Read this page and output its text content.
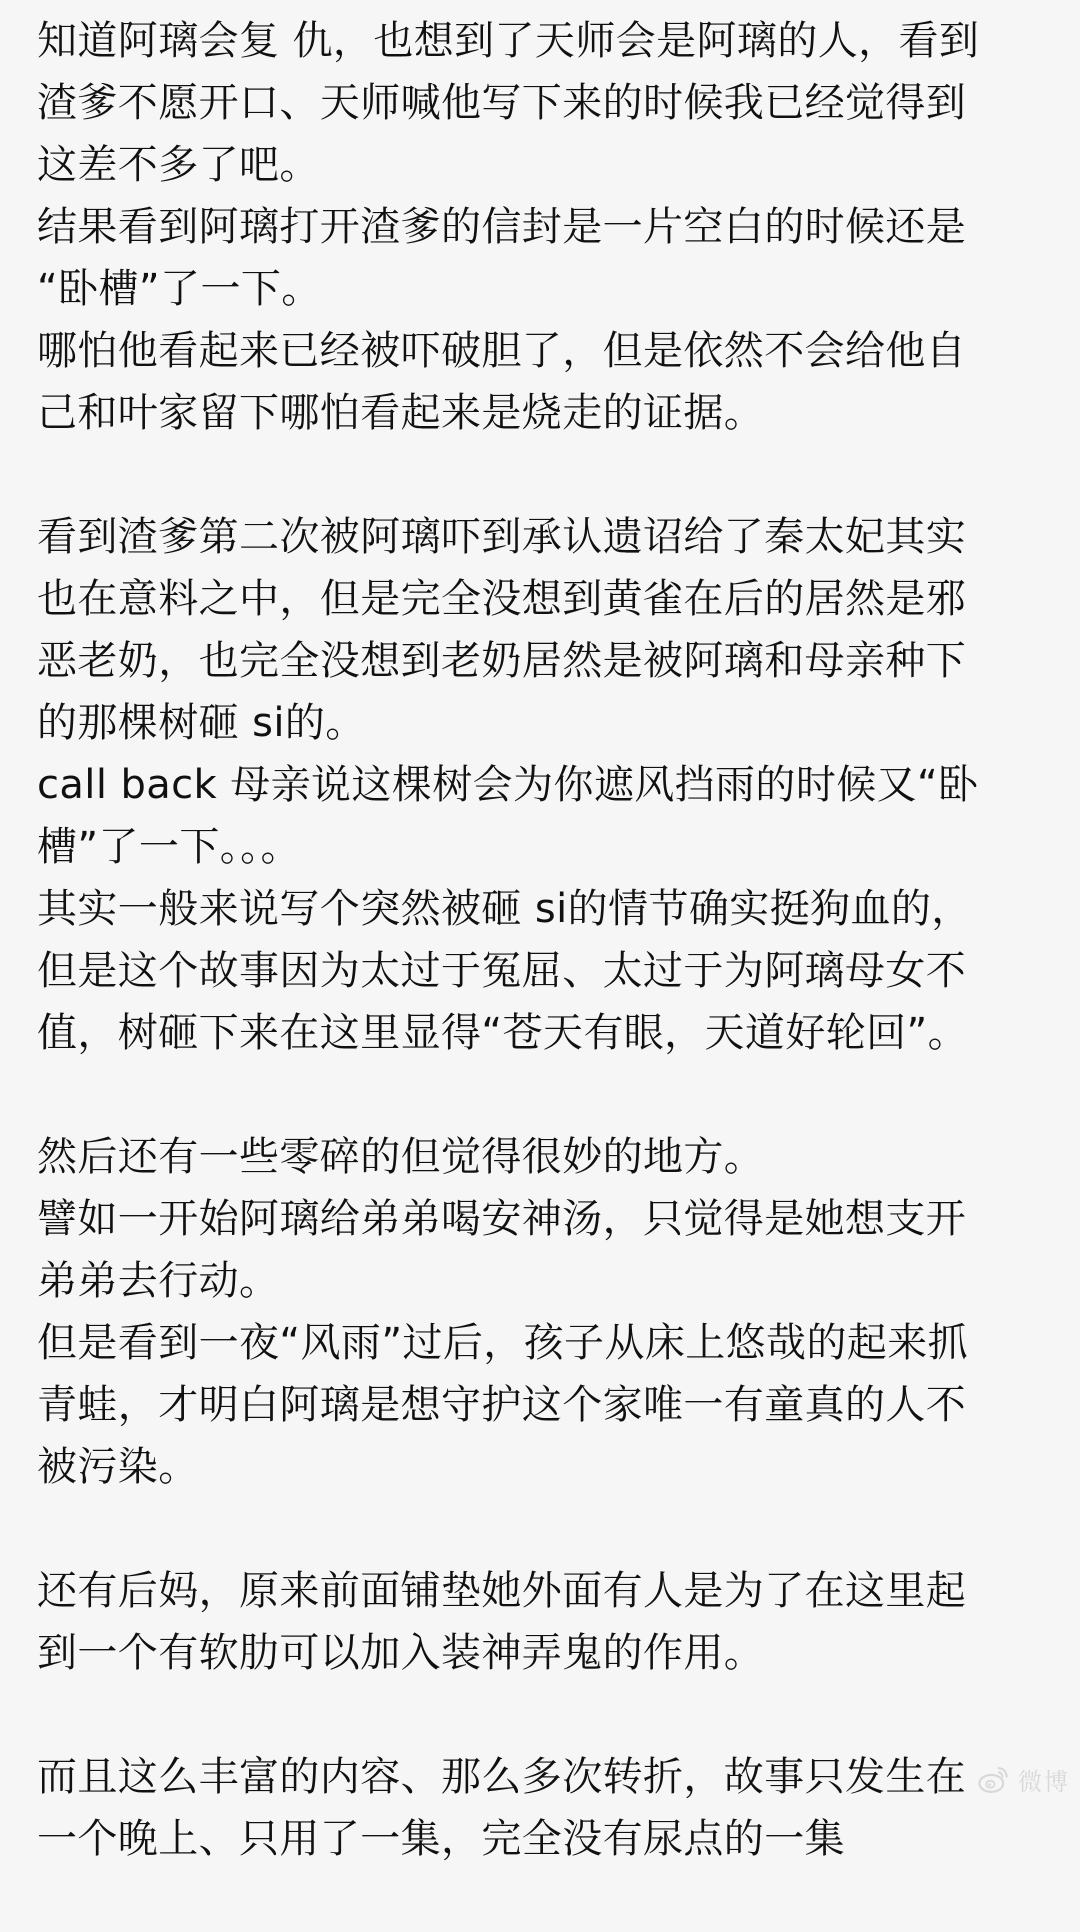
知道阿璃会复 仇，也想到了天师会是阿璃的人，看到
渣爹不愿开口、天师喊他写下来的时候我已经觉得到
这差不多了吧。
结果看到阿璃打开渣爹的信封是一片空白的时候还是
“卧槽”了一下。
哪怕他看起来已经被吓破胆了，但是依然不会给他自
己和叶家留下哪怕看起来是烧走的证据。
看到渣爹第二次被阿璃吓到承认遗诏给了秦太妃其实
也在意料之中，但是完全没想到黄雀在后的居然是邪
恶老奶，也完全没想到老奶居然是被阿璃和母亲种下
的那棵树砸 si的。
call back 母亲说这棵树会为你遮风挡雨的时候又“卧
槽”了一下。。。
其实一般来说写个突然被砸 si的情节确实挺狗血的，
但是这个故事因为太过于冤屈、太过于为阿璃母女不
值，树砸下来在这里显得“苍天有眼，天道好轮回”。
然后还有一些零碎的但觉得很妙的地方。
譬如一开始阿璃给弟弟喝安神汤，只觉得是她想支开
弟弟去行动。
但是看到一夜“风雨”过后，孩子从床上悠哉的起来抓
青蛙，才明白阿璃是想守护这个家唯一有童真的人不
被污染。
还有后妈，原来前面铺垫她外面有人是为了在这里起
到一个有软肋可以加入装神弄鬼的作用。
而且这么丰富的内容、那么多次转折，故事只发生在
一个晚上、只用了一集，完全没有尿点的一集
微博
